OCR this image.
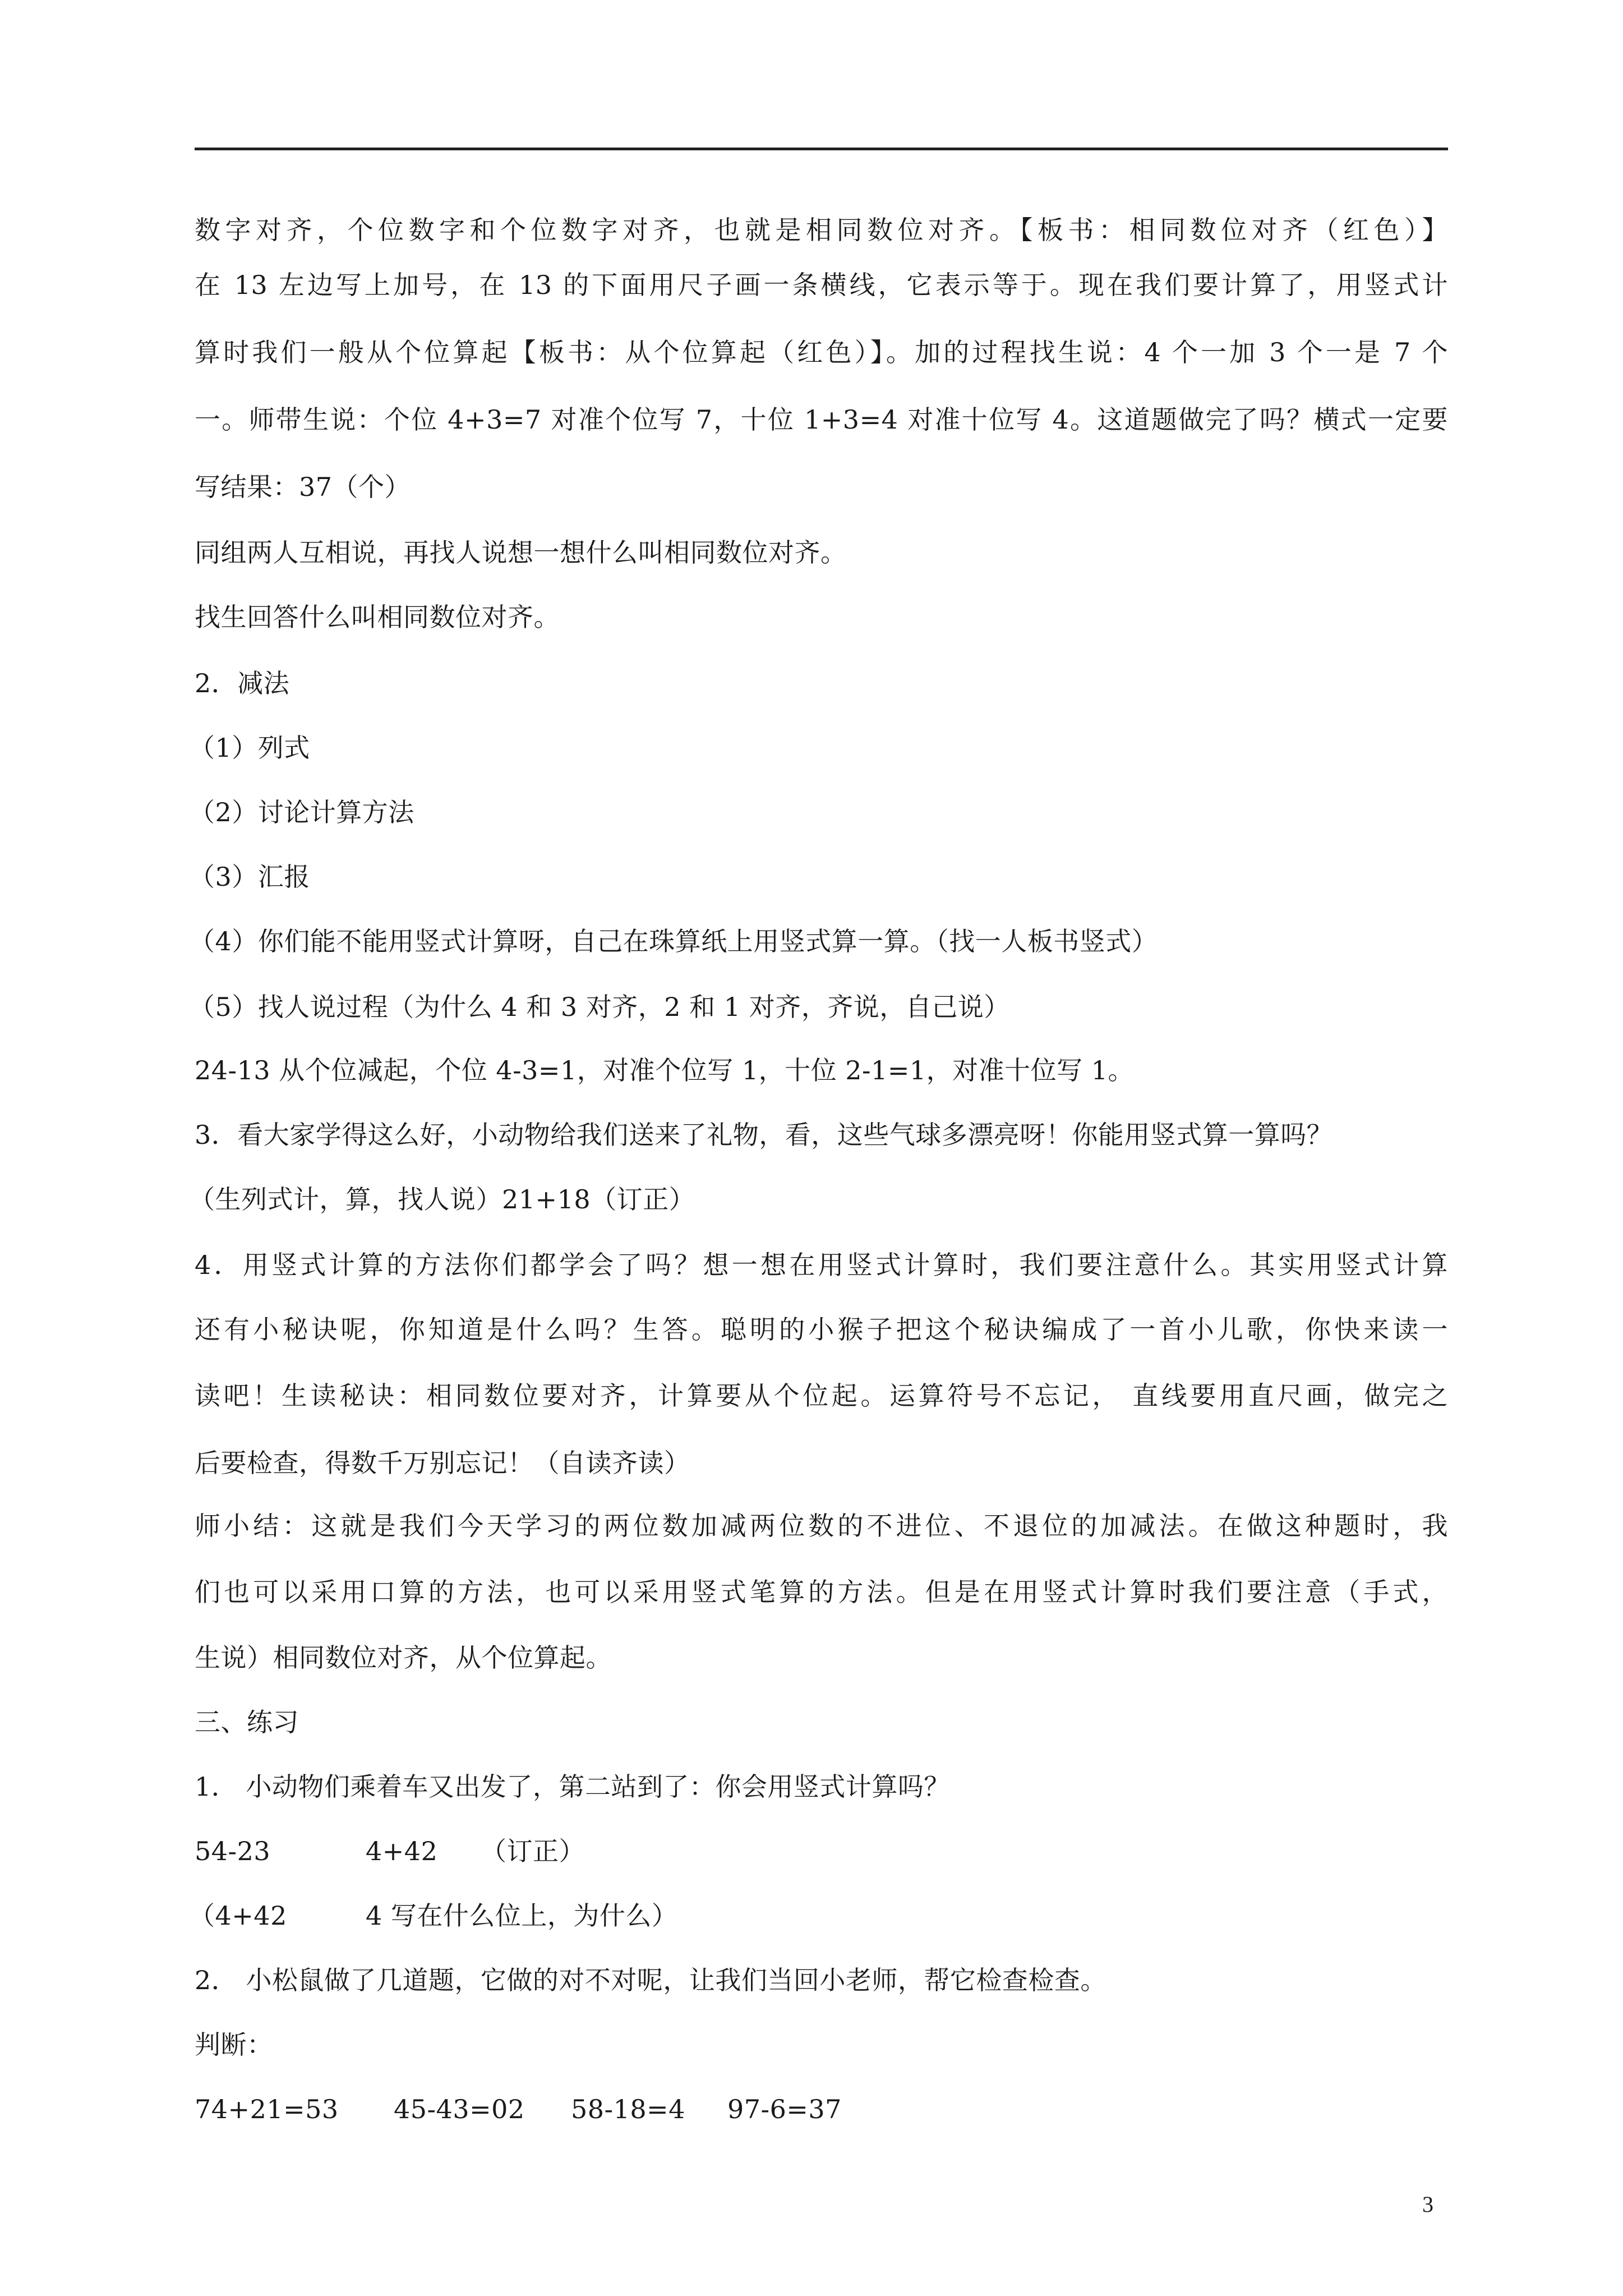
数字对齐，个位数字和个位数字对齐，也就是相同数位对齐。【板书：相同数位对齐（红色）】
在 13 左边写上加号，在 13 的下面用尺子画一条横线，它表示等于。现在我们要计算了，用竖式计
算时我们一般从个位算起【板书：从个位算起（红色）】。加的过程找生说：4 个一加 3 个一是 7 个
一。师带生说：个位 4+3=7 对准个位写 7，十位 1+3=4 对准十位写 4。这道题做完了吗？横式一定要
写结果：37（个）
同组两人互相说，再找人说想一想什么叫相同数位对齐。
找生回答什么叫相同数位对齐。
2．减法
（1）列式
（2）讨论计算方法
（3）汇报
（4）你们能不能用竖式计算呀，自己在珠算纸上用竖式算一算。（找一人板书竖式）
（5）找人说过程（为什么 4 和 3 对齐，2 和 1 对齐，齐说，自己说）
24-13 从个位减起，个位 4-3=1，对准个位写 1，十位 2-1=1，对准十位写 1。
3．看大家学得这么好，小动物给我们送来了礼物，看，这些气球多漂亮呀！你能用竖式算一算吗？
（生列式计，算，找人说）21+18（订正）
4．用竖式计算的方法你们都学会了吗？想一想在用竖式计算时，我们要注意什么。其实用竖式计算
还有小秘诀呢，你知道是什么吗？生答。聪明的小猴子把这个秘诀编成了一首小儿歌，你快来读一
读吧！生读秘诀：相同数位要对齐，计算要从个位起。运算符号不忘记， 直线要用直尺画，做完之
后要检查，得数千万别忘记！（自读齐读）
师小结：这就是我们今天学习的两位数加减两位数的不进位、不退位的加减法。在做这种题时，我
们也可以采用口算的方法，也可以采用竖式笔算的方法。但是在用竖式计算时我们要注意（手式，
生说）相同数位对齐，从个位算起。
三、练习
1． 小动物们乘着车又出发了，第二站到了：你会用竖式计算吗？
54-23	4+42 （订正）
（4+42	4 写在什么位上，为什么）
2． 小松鼠做了几道题，它做的对不对呢，让我们当回小老师，帮它检查检查。
判断：
74+21=53 45-43=02 58-18=4 97-6=37
3
